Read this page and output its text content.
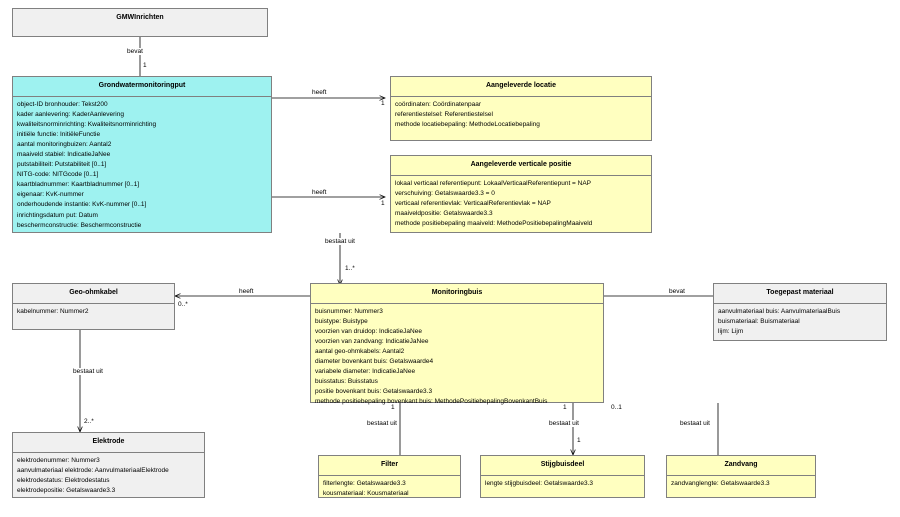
GMWInrichten
Grondwatermonitoringput
object-ID bronhouder: Tekst200
kader aanlevering: KaderAanlevering
kwaliteitsnorminrichting: Kwaliteitsnorminrichting
initiële functie: InitiëleFunctie
aantal monitoringbuizen: Aantal2
maaiveld stabiel: IndicatieJaNee
putstabiliteit: Putstabiliteit [0..1]
NITG-code: NITGcode [0..1]
kaartbladnummer: Kaartbladnummer [0..1]
eigenaar: KvK-nummer
onderhoudende instantie: KvK-nummer [0..1]
inrichtingsdatum put: Datum
beschermconstructie: Beschermconstructie
Aangeleverde locatie
coördinaten: Coördinatenpaar
referentiestelsel: Referentiestelsel
methode locatiebepaling: MethodeLocatiebepaling
Aangeleverde verticale positie
lokaal verticaal referentiepunt: LokaalVerticaalReferentiepunt = NAP
verschuiving: Getalswaarde3.3 = 0
verticaal referentievlak: VerticaalReferentievlak = NAP
maaiveldpositie: Getalswaarde3.3
methode positiebepaling maaiveld: MethodePositiebepalingMaaiveld
Geo-ohmkabel
kabelnummer: Nummer2
Monitoringbuis
buisnummer: Nummer3
buistype: Buistype
voorzien van druidop: IndicatieJaNee
voorzien van zandvang: IndicatieJaNee
aantal geo-ohmkabels: Aantal2
diameter bovenkant buis: Getalswaarde4
variabele diameter: IndicatieJaNee
buisstatus: Buisstatus
positie bovenkant buis: Getalswaarde3.3
methode positiebepaling bovenkant buis: MethodePositiebepalingBovenkantBuis
Toegepast materiaal
aanvulmateriaal buis: AanvulmateriaalBuis
buismateriaal: Buismateriaal
lijm: Lijm
Elektrode
elektrodenummer: Nummer3
aanvulmateriaal elektrode: AanvulmateriaalElektrode
elektrodestatus: Elektrodestatus
elektrodepositie: Getalswaarde3.3
Filter
filterlengte: Getalswaarde3.3
kousmateriaal: Kousmateriaal
Stijgbuisdeel
lengte stijgbuisdeel: Getalswaarde3.3
Zandvang
zandvanglengte: Getalswaarde3.3
bevat
1
heeft
1
heeft
1
bestaat uit
1..*
heeft
0..*
bevat
bestaat uit
2..*
1
bestaat uit
1
bestaat uit
1
0..1
bestaat uit
